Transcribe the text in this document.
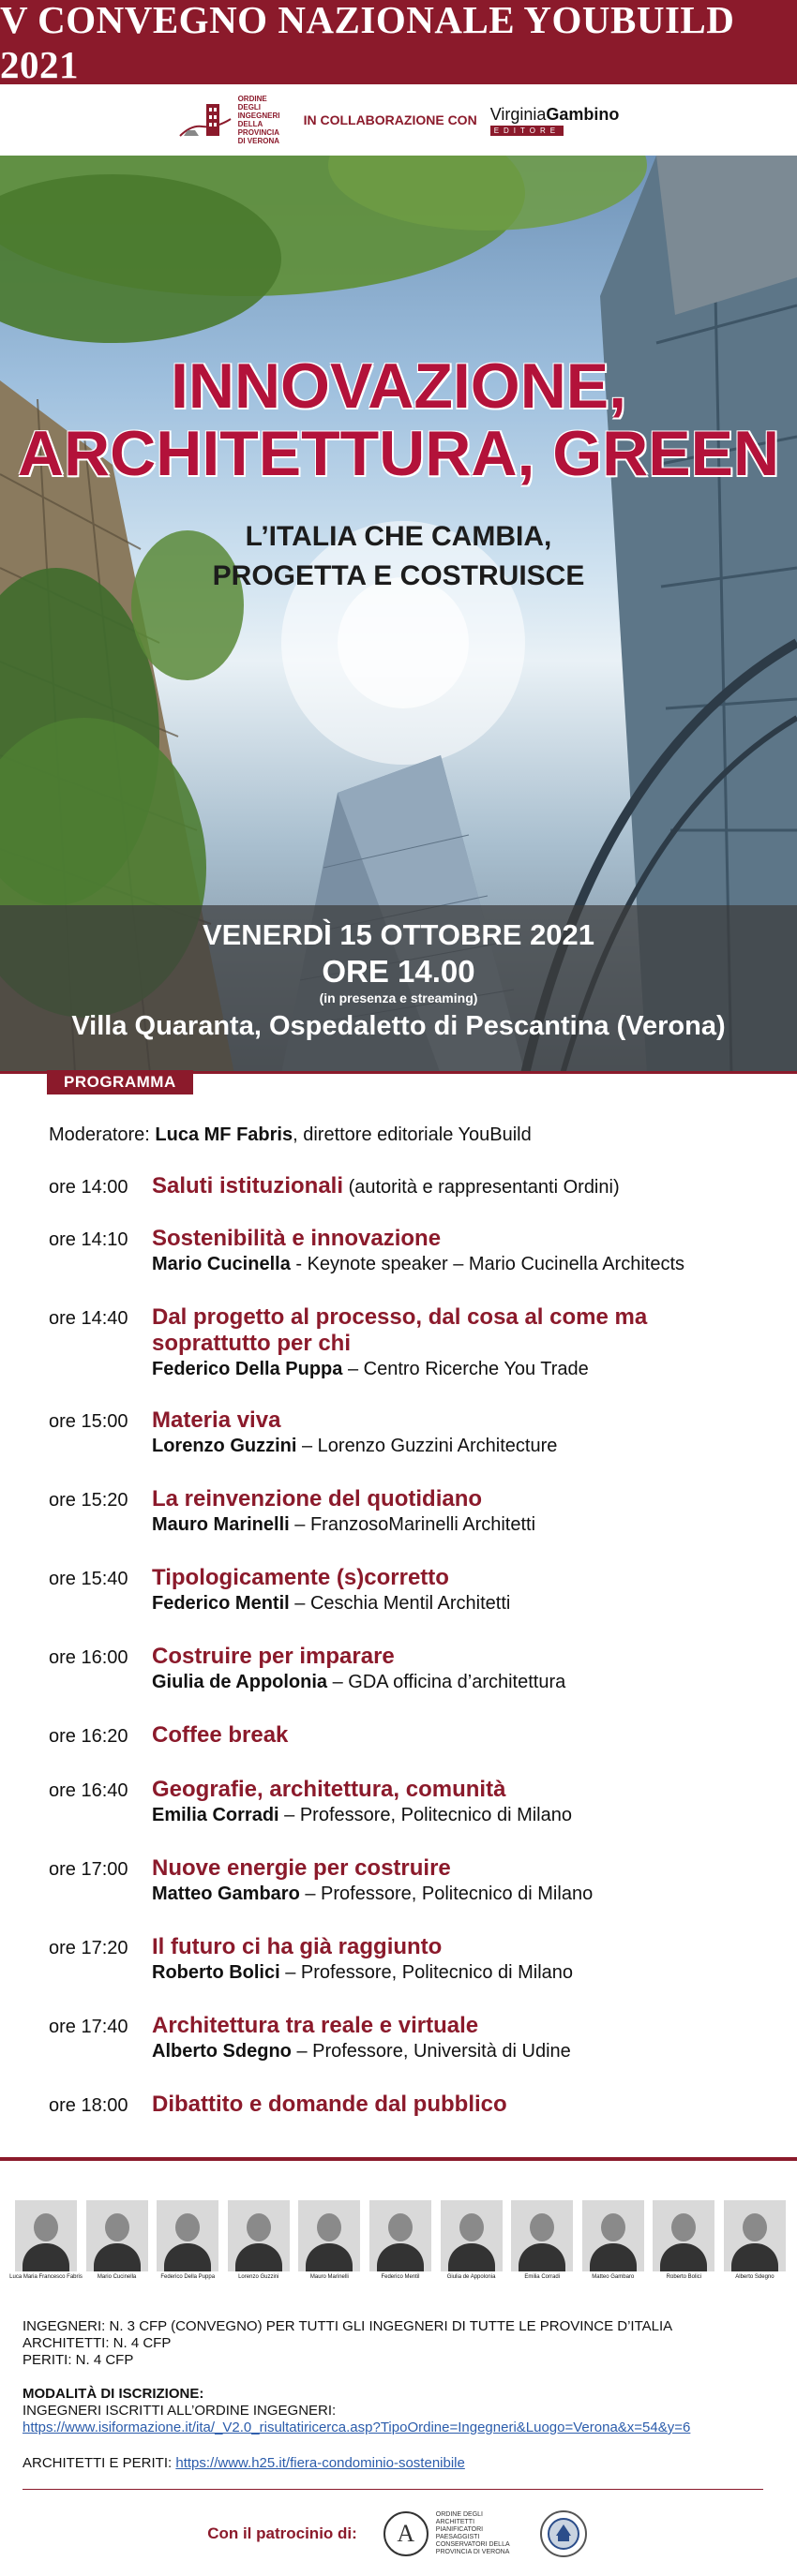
V CONVEGNO NAZIONALE YOUBUILD 2021
ORDINE DEGLI
INGEGNERI
DELLA
PROVINCIA
DI VERONA
IN COLLABORAZIONE CON VirginiaGambino
EDITORE
INNOVAZIONE,
ARCHITETTURA, GREEN
L’ITALIA CHE CAMBIA,
PROGETTA E COSTRUISCE
VENERDÌ 15 OTTOBRE 2021
ORE 14.00
(in presenza e streaming)
Villa Quaranta, Ospedaletto di Pescantina (Verona)
PROGRAMMA
Moderatore: Luca MF Fabris, direttore editoriale YouBuild
ore 14:00	Saluti istituzionali (autorità e rappresentanti Ordini)
ore 14:10	Sostenibilità e innovazione
Mario Cucinella - Keynote speaker – Mario Cucinella Architects
ore 14:40	Dal progetto al processo, dal cosa al come ma soprattutto per chi
Federico Della Puppa – Centro Ricerche You Trade
ore 15:00	Materia viva
Lorenzo Guzzini – Lorenzo Guzzini Architecture
ore 15:20	La reinvenzione del quotidiano
Mauro Marinelli – FranzosoMarinelli Architetti
ore 15:40	Tipologicamente (s)corretto
Federico Mentil – Ceschia Mentil Architetti
ore 16:00	Costruire per imparare
Giulia de Appolonia – GDA officina d’architettura
ore 16:20	Coffee break
ore 16:40	Geografie, architettura, comunità
Emilia Corradi – Professore, Politecnico di Milano
ore 17:00	Nuove energie per costruire
Matteo Gambaro – Professore, Politecnico di Milano
ore 17:20	Il futuro ci ha già raggiunto
Roberto Bolici – Professore, Politecnico di Milano
ore 17:40	Architettura tra reale e virtuale
Alberto Sdegno – Professore, Università di Udine
ore 18:00	Dibattito e domande dal pubblico
Luca Maria Francesco Fabris	Mario Cucinella	Federico Della Puppa	Lorenzo Guzzini	Mauro Marinelli	Federico Mentil	Giulia de Appolonia	Emilia Corradi	Matteo Gambaro	Roberto Bolici	Alberto Sdegno
INGEGNERI: N. 3 CFP (CONVEGNO) PER TUTTI GLI INGEGNERI DI TUTTE LE PROVINCE D’ITALIA
ARCHITETTI: N. 4 CFP
PERITI: N. 4 CFP
MODALITÀ DI ISCRIZIONE:
INGEGNERI ISCRITTI ALL’ORDINE INGEGNERI:
https://www.isiformazione.it/ita/_V2.0_risultatiricerca.asp?TipoOrdine=Ingegneri&Luogo=Verona&x=54&y=6
ARCHITETTI E PERITI: https://www.h25.it/fiera-condominio-sostenibile
Con il patrocinio di:	A
ORDINE DEGLI ARCHITETTI PIANIFICATORI PAESAGGISTI CONSERVATORI DELLA PROVINCIA DI VERONA
